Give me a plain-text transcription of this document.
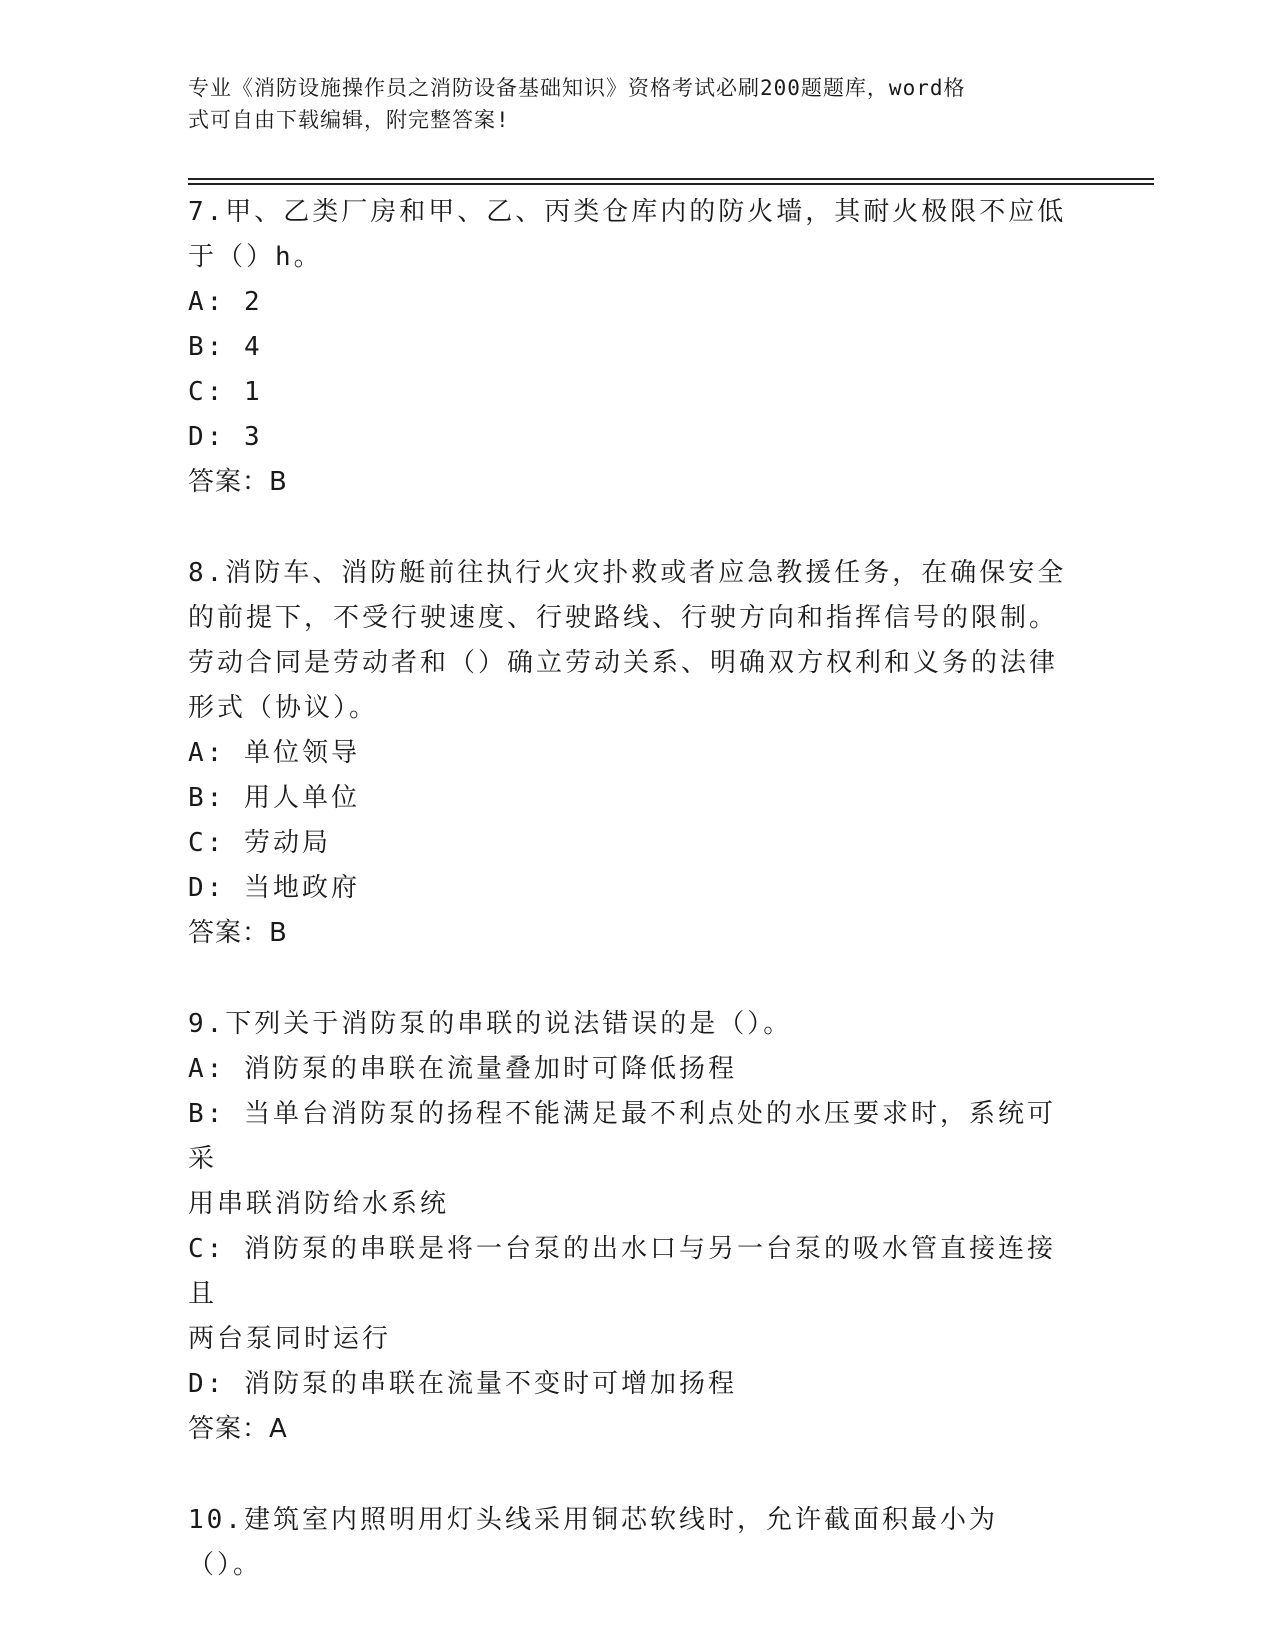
专业《消防设施操作员之消防设备基础知识》资格考试必刷200题题库，word格
式可自由下载编辑，附完整答案!
7.甲、乙类厂房和甲、乙、丙类仓库内的防火墙，其耐火极限不应低
于（）h。
A: 2
B: 4
C: 1
D: 3
答案：B
8.消防车、消防艇前往执行火灾扑救或者应急教援任务，在确保安全
的前提下，不受行驶速度、行驶路线、行驶方向和指挥信号的限制。
劳动合同是劳动者和（）确立劳动关系、明确双方权利和义务的法律
形式（协议）。
A: 单位领导
B: 用人单位
C: 劳动局
D: 当地政府
答案：B
9.下列关于消防泵的串联的说法错误的是（）。
A: 消防泵的串联在流量叠加时可降低扬程
B: 当单台消防泵的扬程不能满足最不利点处的水压要求时，系统可采
用串联消防给水系统
C: 消防泵的串联是将一台泵的出水口与另一台泵的吸水管直接连接且
两台泵同时运行
D: 消防泵的串联在流量不变时可增加扬程
答案：A
10.建筑室内照明用灯头线采用铜芯软线时，允许截面积最小为（）。
